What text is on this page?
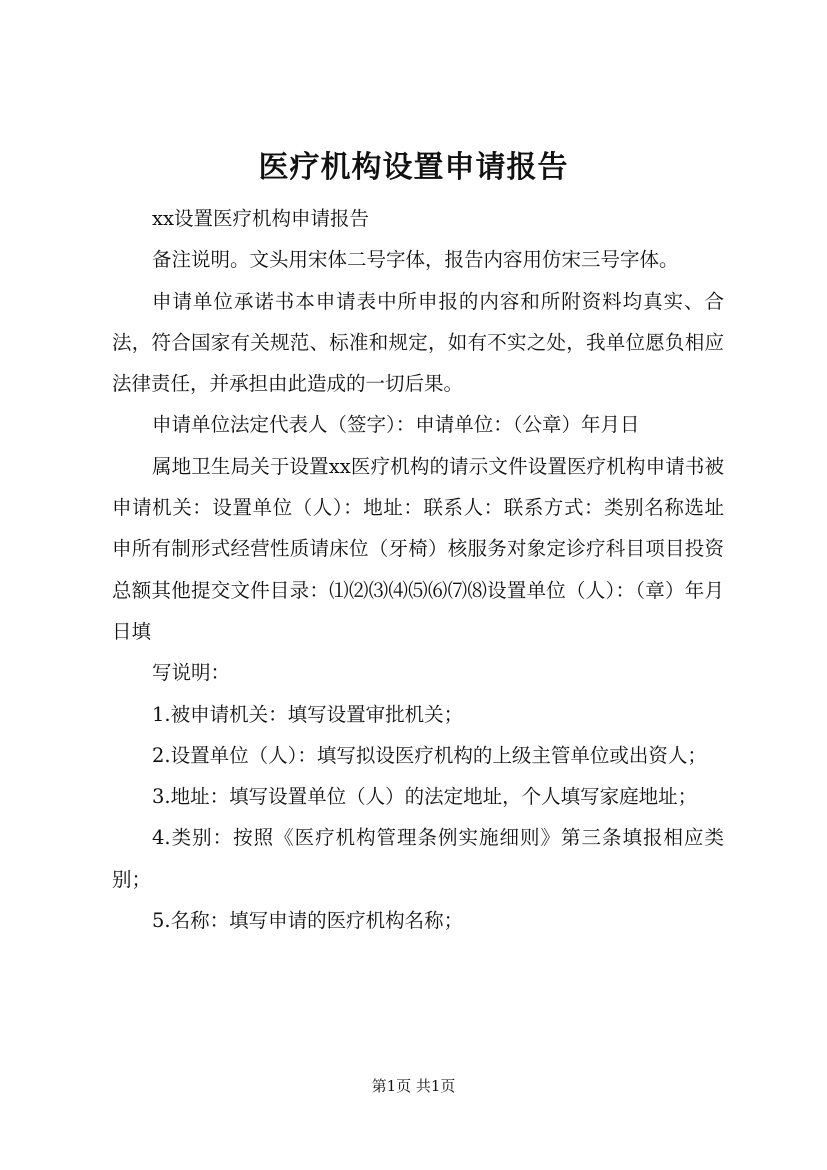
医疗机构设置申请报告

xx设置医疗机构申请报告

备注说明。文头用宋体二号字体，报告内容用仿宋三号字体。

申请单位承诺书本申请表中所申报的内容和所附资料均真实、合法，符合国家有关规范、标准和规定，如有不实之处，我单位愿负相应法律责任，并承担由此造成的一切后果。

申请单位法定代表人（签字）：申请单位：（公章）年月日

属地卫生局关于设置xx医疗机构的请示文件设置医疗机构申请书被申请机关：设置单位（人）：地址：联系人：联系方式：类别名称选址申所有制形式经营性质请床位（牙椅）核服务对象定诊疗科目项目投资总额其他提交文件目录：⑴⑵⑶⑷⑸⑹⑺⑻设置单位（人）：（章）年月日填

写说明：

1.被申请机关：填写设置审批机关；

2.设置单位（人）：填写拟设医疗机构的上级主管单位或出资人；

3.地址：填写设置单位（人）的法定地址，个人填写家庭地址；

4.类别：按照《医疗机构管理条例实施细则》第三条填报相应类别；

5.名称：填写申请的医疗机构名称；

第1页 共1页
